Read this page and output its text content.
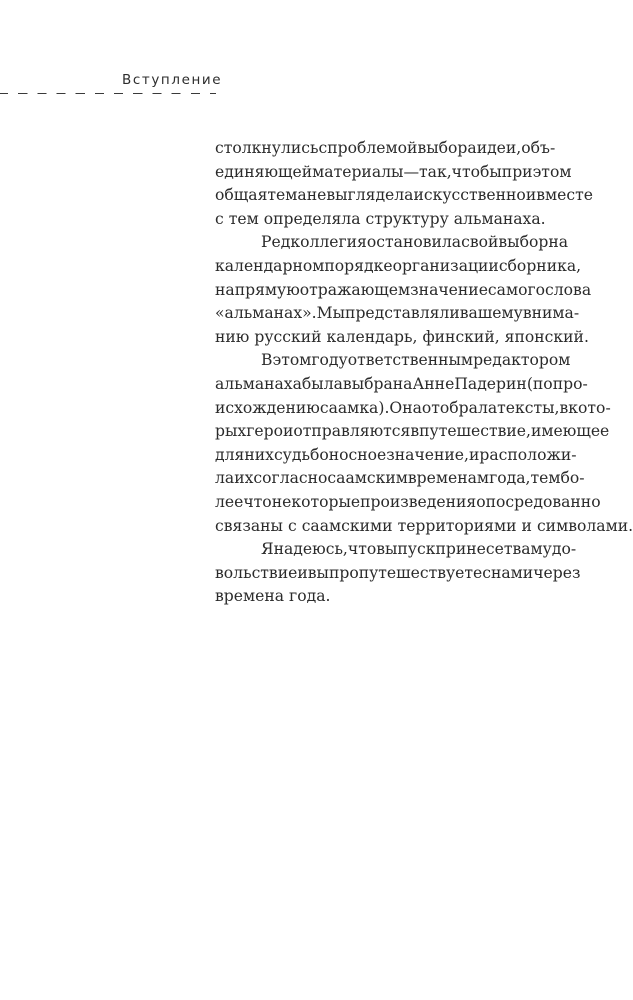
Вступление
столкнулись с проблемой выбора идеи, объ-
единяющей материалы — так, чтобы при этом
общая тема не выглядела искусственно и вместе
с тем определяла структуру альманаха.
Редколлегия остановила свой выбор на
календарном порядке организации сборника,
напрямую отражающем значение самого слова
«альманах». Мы представляли вашему внима-
нию русский календарь, финский, японский.
В этом году ответственным редактором
альманаха была выбрана Анне Падерин (по про-
исхождению саамка). Она отобрала тексты, в кото-
рых герои отправляются в путешествие, имеющее
для них судьбоносное значение, и расположи-
ла их согласно саамским временам года, тем бо-
лее что некоторые произведения опосредованно
связаны с саамскими территориями и символами.
Я надеюсь, что выпуск принесет вам удо-
вольствие и вы пропутешествуете с нами через
времена года.
